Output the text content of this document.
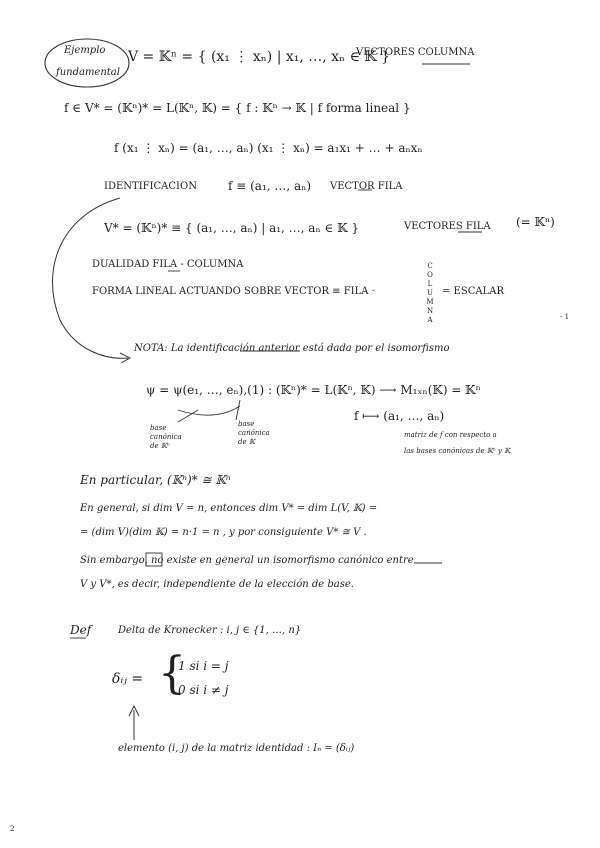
Ejemplo
fundamental
V = 𝕂ⁿ = { (x₁ ⋮ xₙ) | x₁, …, xₙ ∈ 𝕂 }
VECTORES COLUMNA
f ∈ V* = (𝕂ⁿ)* = L(𝕂ⁿ, 𝕂) = { f : 𝕂ⁿ → 𝕂 | f forma lineal }
f (x₁ ⋮ xₙ) = (a₁, …, aₙ) (x₁ ⋮ xₙ) = a₁x₁ + … + aₙxₙ
IDENTIFICACION	f ≡ (a₁, …, aₙ) VECTOR FILA
V* = (𝕂ⁿ)* ≡ { (a₁, …, aₙ) | a₁, …, aₙ ∈ 𝕂 }	VECTORES FILA (= 𝕂ⁿ)
DUALIDAD FILA - COLUMNA
FORMA LINEAL ACTUANDO SOBRE VECTOR ≡ FILA ·
C
O
L
U
M
N
A
= ESCALAR
- 1
NOTA: La identificación anterior está dada por el isomorfismo
ψ = ψ(e₁, …, eₙ),(1) : (𝕂ⁿ)* = L(𝕂ⁿ, 𝕂) ⟶ M₁ₓₙ(𝕂) = 𝕂ⁿ
f ⟼ (a₁, …, aₙ)
base
canónica
de 𝕂ⁿ
base
canónica
de 𝕂
matriz de f con respecto a
las bases canónicas de 𝕂ⁿ y 𝕂
En particular, (𝕂ⁿ)* ≅ 𝕂ⁿ
En general, si dim V = n, entonces dim V* = dim L(V, 𝕂) =
= (dim V)(dim 𝕂) = n·1 = n , y por consiguiente V* ≅ V .
Sin embargo, no existe en general un isomorfismo canónico entre
V y V*, es decir, independiente de la elección de base.
Def	Delta de Kronecker : i, j ∈ {1, …, n}
δᵢⱼ = {
1 si i = j
0 si i ≠ j
elemento (i, j) de la matriz identidad : Iₙ = (δᵢⱼ)
2
